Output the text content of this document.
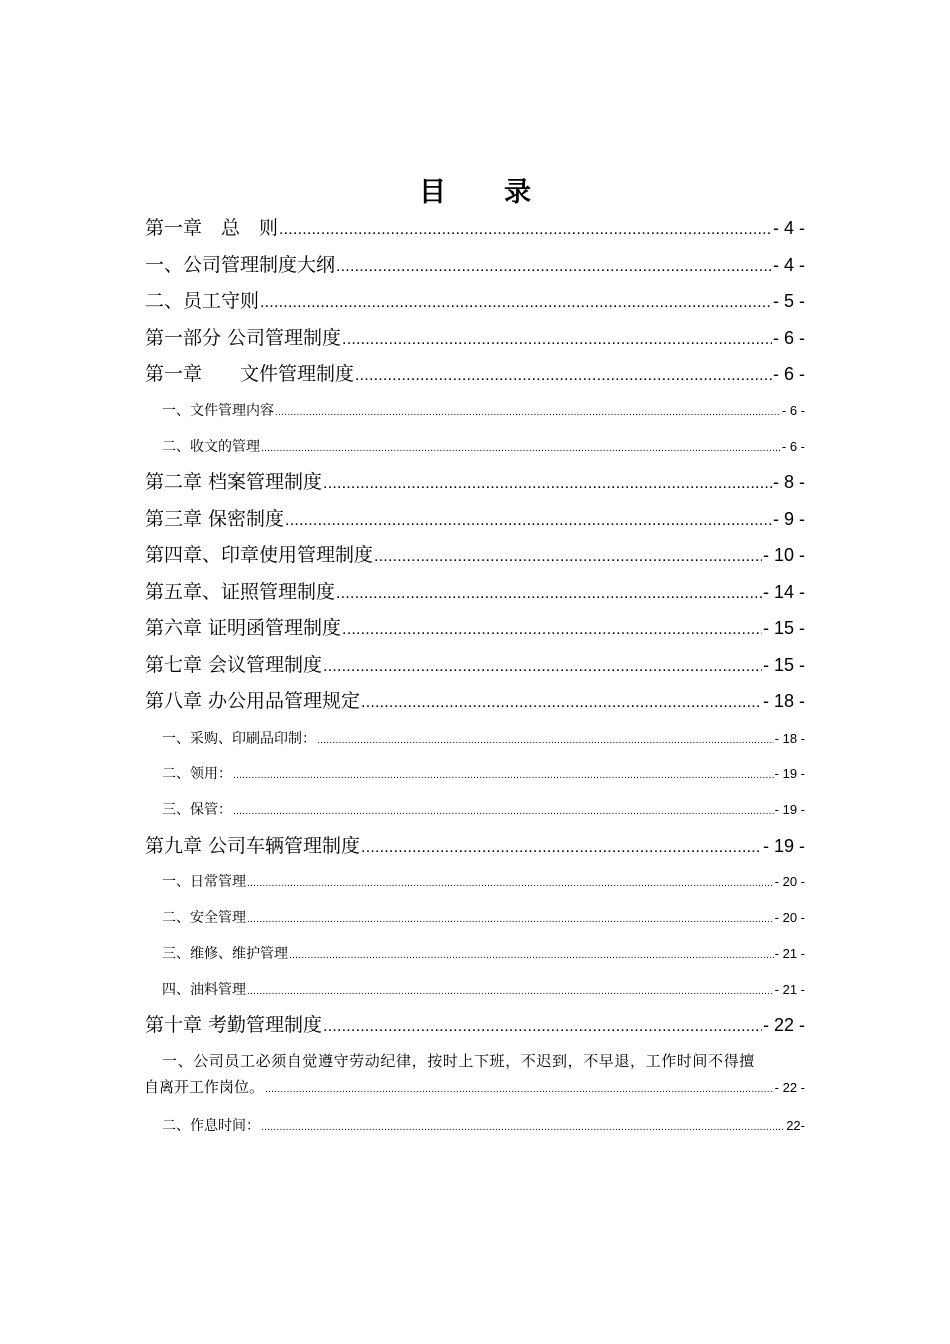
目 录
第一章　总　则 .....	- 4 -
一、公司管理制度大纲 .....	- 4 -
二、员工守则 .....	- 5 -
第一部分 公司管理制度 .....	- 6 -
第一章　　文件管理制度 .....	- 6 -
一、文件管理内容 .....	- 6 -
二、收文的管理 .....	- 6 -
第二章 档案管理制度 .....	- 8 -
第三章 保密制度 .....	- 9 -
第四章、印章使用管理制度 .....	- 10 -
第五章、证照管理制度 .....	- 14 -
第六章 证明函管理制度 .....	- 15 -
第七章 会议管理制度 .....	- 15 -
第八章 办公用品管理规定 .....	- 18 -
一、采购、印刷品印制： .....	- 18 -
二、领用： .....	- 19 -
三、保管： .....	- 19 -
第九章 公司车辆管理制度 .....	- 19 -
一、日常管理 .....	- 20 -
二、安全管理 .....	- 20 -
三、维修、维护管理 .....	- 21 -
四、油料管理 .....	- 21 -
第十章 考勤管理制度 .....	- 22 -
一、公司员工必须自觉遵守劳动纪律，按时上下班，不迟到，不早退，工作时间不得擅
自离开工作岗位。 .....	- 22 -
二、作息时间： .....	22-
